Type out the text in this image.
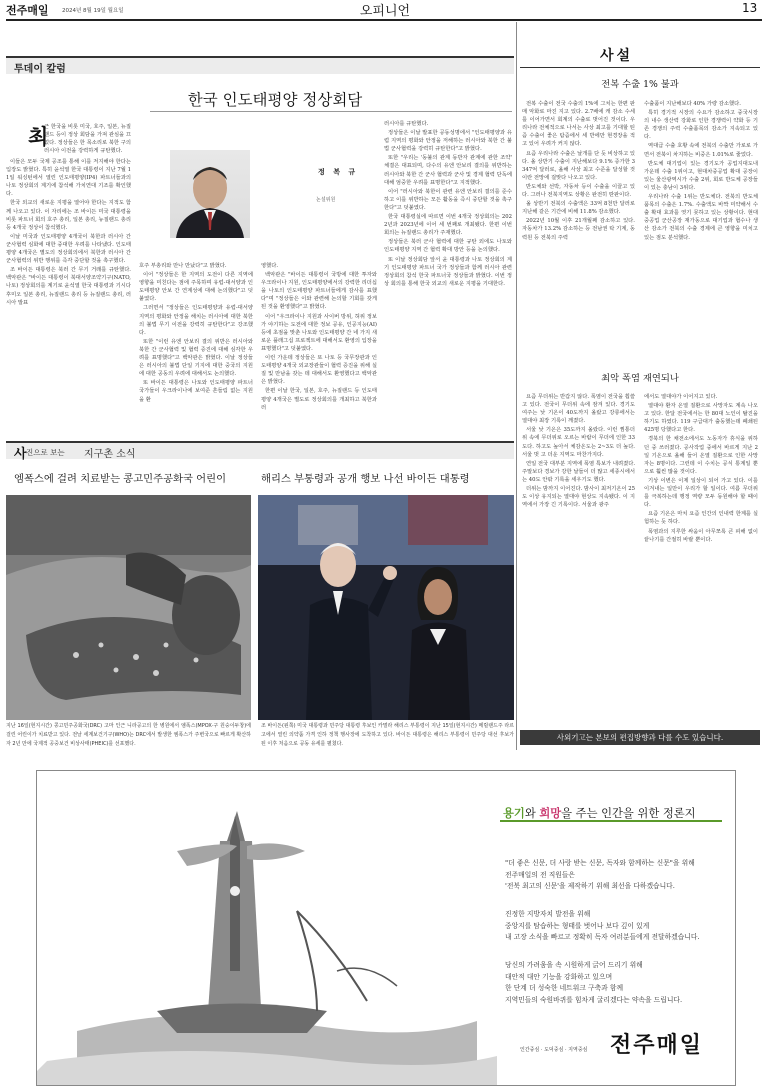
전주매일 2024년 8월 19일 월요일	오피니언	13
투데이 칼럼
한국 인도태평양 정상회담
최

근 한국을 비롯 미국, 호주, 일본, 뉴질랜드 등이 정상 회담을 가져 관심을 끄었다. 정상들은 한 목소리로 북한 구의 러시아 이전을 강력하게 규탄했다.

이들은 모두 국제 공조를 통해 이를 저지해야 한다는 입장도 밝혔다. 특히 윤석열 한국 대통령이 지난 7월 11일 워싱턴에서 열린 인도태평양(IP4) 파트너들과의 나토 정상회의 계기에 참석해 가치연대 기조를 확인했다.

한국 외교의 새로운 지평을 열어야 한다는 지적도 함께 나오고 있다. 이 자리에는 조 바이든 미국 대통령을 비롯 파트너 회의 호주 총리, 일본 총리, 뉴질랜드 총리 등 4개국 정상이 참석했다.

이날 미국과 인도태평양 4개국이 북한과 러시아 간 군사협력 심화에 대한 중대한 우려를 나타냈다. 인도태평양 4개국은 별도의 정상회의에서 북한과 러시아 간 군사협력의 위반 행위를 즉각 중단할 것을 촉구했다.

조 바이든 대통령은 북러 간 무기 거래를 규탄했다. 백악관은 "바이든 대통령이 북대서양조약기구(NATO, 나토) 정상회의를 계기로 윤석열 한국 대통령과 기시다 후미오 일본 총리, 뉴질랜드 총리 등 뉴질랜드 총리, 러시아 발표

정 복 규
논설위원

호주 부총리와 만나 만났다"고 밝혔다.

이어 "정상들은 한 지역의 도전이 다른 지역에 영향을 미친다는 점에 주목하며 유럽-대서양과 인도태평양 안보 간 연계성에 대해 논의했다"고 덧붙였다.

그러면서 "정상들은 인도태평양과 유럽-대서양 지역의 평화와 안정을 해치는 러시아에 대한 북한의 불법 무기 이전을 강력히 규탄한다"고 강조했다.

또한 "이런 유엔 안보리 결의 위반은 러시아와 북한 간 군사협력 및 협력 증진에 대해 심각한 우려를 표명했다"고 백악관은 밝혔다. 이날 정상들은 러시아의 불법 단일 기지에 대한 중국의 지원에 대한 공동의 우려에 대해서도 논의했다.

또 바이든 대통령은 나토와 인도태평양 파트너 국가들이 우크라이나에 보여준 흔들림 없는 지원을 환

영했다.

백악관은 "바이든 대통령이 국방에 대한 투자와 우크라이나 지원, 인도태평양에서의 강력한 리더십을 나토의 인도태평양 파트너들에게 감사를 표했다"며 "정상들은 이와 관련해 논의할 기회를 갖게 된 것을 환영했다"고 밝혔다.

이어 "우크라이나 지원과 사이버 방위, 허위 정보가 야기하는 도전에 대한 정보 공유, 인공지능(AI) 등에 초점을 맞춘 나토와 인도태평양 간 네 가지 새로운 플래그십 프로젝트에 대해서도 환영의 입장을 표명했다"고 덧붙였다.

이런 가운데 정상들은 또 나토 등 국무장관과 인도태평양 4개국 외교장관들이 협력 증진을 위해 실질 및 만남을 갖는 데 대해서도 환영했다고 백악관은 밝혔다.

한편 이날 한국, 일본, 호주, 뉴질랜드 등 인도태평양 4개국은 별도로 정상회의를 개최하고 북한과 러

러시아를 규탄했다.

정상들은 이날 발표한 공동성명에서 "인도태평양과 유럽 지역의 평화와 안정을 저해하는 러시아와 북한 간 불법 군사협력을 강력히 규탄한다"고 밝혔다.

또한 "우리는 '동불의 관계 동반자 관계에 관한 조약' 체결은 대표되며, 다수의 유엔 안보리 결의를 위반하는 러시아와 북한 간 군사 협력과 군사 및 경제 협력 단독에 대해 엄중한 우려를 표명한다"고 지적했다.

이어 "러시아와 북한이 관련 유엔 안보리 결의를 준수하고 이를 위반하는 모든 활동을 즉시 중단할 것을 촉구한다"고 덧붙였다.

한국 대통령실에 따르면 이번 4개국 정상회의는 2022년과 2023년에 이어 세 번째로 개최됐다. 한편 이번 회의는 뉴질랜드 총리가 주재했다.

정상들은 북러 군사 협력에 대한 규탄 외에도 나토와 인도태평양 지역 간 협력 확대 방안 등을 논의했다.

또 이날 정상회담 앞서 윤 대통령과 나토 정상회의 계기 인도태평양 파트너 국가 정상들과 함께 러시아 관련 정상회의 참석 한국 파트너국 정상들과 밝혔다. 이번 정상 회의를 통해 한국 외교의 새로운 지평을 기대한다.

사 진으로 보는 지구촌 소식
엠폭스에 걸려 치료받는 콩고민주공화국 어린이	해리스 부통령과 공개 행보 나선 바이든 대통령
지난 16일(현지시간) 콩고민주공화국(DRC) 고마 인근 니라공고의 한 병원에서 엠폭스(MPOX·구 원숭이두창)에 걸린 어린이가 치료받고 있다. 전날 세계보건기구(WHO)는 DRC에서 발생한 엠폭스가 주변국으로 빠르게 확산하자 2년 만에 국제적 공중보건 비상사태(PHEIC)를 선포했다.
조 바이든(왼쪽) 미국 대통령과 민주당 대통령 후보인 카멀라 해리스 부통령이 지난 15일(현지시간) 메릴랜드주 라르고에서 열린 의약품 가격 인하 정책 행사장에 도착하고 있다. 바이든 대통령은 해리스 부통령이 민주당 대선 후보가 된 이후 처음으로 공동 유세를 펼쳤다.
사설
전복 수출 1% 불과

전복 수출이 전국 수출의 1%에 그치는 한편 판매 악화로 마진 지고 있다. 2.7배에 캐 감소 수세를 이어가면서 회계의 수출로 벗어진 것이다. 우리나라 전체적으로 나서는 사상 최고를 기대할 틴즘 수출이 좋은 탐즘에서 세 반에만 현경장을 적고 있어 우려가 커지 않다.

요즘 우리나라 수출은 날개를 단 듯 비상하고 있다. 올 상반기 수출이 지난해보다 9.1% 증가한 3347억 달러로, 올해 사상 최고 수준을 달성할 것이란 전망에 걸맞다 나오고 있다.

반도체와 선박, 자동차 등이 수출을 이끌고 있다. 그러나 전북지역도 상황은 완전히 딴판이다.

올 상반기 전북의 수출액은 33억 8천만 달러로 지난해 같은 기간에 비해 11.8% 감소했다.

2022년 10월 이후 21개월째 감소하고 있다. 자동차가 13.2% 감소하는 등 전남권 탁 기계, 동력원 등 전북의 주력

수출품이 지난해보다 40% 가량 감소했다.

특히 경기적 시장의 수요가 감소하고 중국시장의 내수 생산력 강화로 인한 경쟁력이 약화 등 기존 경쟁의 주력 수출품목의 감소가 지속되고 있다.

역대급 수출 호황 속에 전북의 수출만 가로로 가면서 전북이 차지하는 비중은 1.01%로 줄었다.

반도체 대기업이 있는 경기도가 공업지대도내 가운데 수출 1위이고, 현대차중공업 확대 공장이 있는 울산광역시가 수출 2위, 회로 반도체 공장들이 있는 충남이 3위다.

우리나라 수출 1위는 반도체다. 전북의 반도체 품목의 수출은 1.7%. 수출액도 바짝 미약해서 수출 확대 효과를 엿기 못하고 있는 상황이다. 현대중공업 군산공장 재가동으로 대기업과 협수나 생산 감소가 전북의 수출 경제에 큰 영향을 미치고 있는 점도 분석했다.

최악 폭염 재연되나

요즘 무더위는 반갑지 않다. 폭염이 전국을 휩쓸고 있다. 전국이 무더위 속에 잠겨 있다. 경기도 여주는 낮 기온이 40도까지 올랐고 강릉에서는 열대야 최장 기록이 깨졌다.

서울 낮 기온은 35도까지 올랐다. 이런 찜통더위 속에 무더위로 오르는 바람이 무더에 인한 33도다. 하고도 높아서 체감온도는 2~3도 더 높다. 서울 벗 고 더운 지역도 마찬가지다.

연일 전국 대부분 지역에 폭염 특보가 내려졌다. 주말보다 경보가 강한 날들이 더 많고 세종시에서는 40도 안팎 기록을 세우기도 했다.

더위는 밤까지 이어진다. 밤사이 최저기온이 25도 이상 유지되는 열대야 현상도 지속됐다. 이 지역에서 가장 긴 기록이다. 서울과 광주

에서도 열대야가 이어지고 있다.

열대야 환자 온열 질환으로 사망자도 계속 나오고 있다. 한달 전국에서는 한 80대 노인이 탈진을 하기도 하였다. 119 구급대가 출동했는데 폐쇄된 425명 당했다고 한다.

경북의 한 채전소에서도 노동자가 휴식을 위하던 중 쓰러졌다. 공사작업 중에서 바르게 지난 2일 기온으로 올해 들어 온열 질환으로 인한 사망자는 8명이다. 그런데 이 수치는 공식 통계일 뿐으로 훨씬 많을 것이다.

기상 이변은 이제 일상이 되어 가고 있다. 이를 이겨내는 일만이 우리가 할 일이다. 여름 무더위를 극복하는데 행정 역량 모두 동원해야 할 때이다.

요즘 기온은 마치 요즘 인간의 인내력 한계를 실험하는 듯 하다.

폭염과의 지루한 싸움이 아무쪼록 큰 피해 없이 끝나기를 간절히 바랄 뿐이다.

사외기고는 본보의 편집방향과 다를 수도 있습니다.
용기와 희망을 주는 인간을 위한 정론지
"더 좋은 신문, 더 사랑 받는 신문, 독자와 함께하는 신문"을 위해
전주매일의 전 직원들은
'전북 최고의 신문'을 제작하기 위해 최선을 다하겠습니다.
진정한 지방자치 발전을 위해
중앙지를 탐습하는 형태를 벗어나 보다 깊이 있게
내 고장 소식을 빠르고 정확히 독자 여러분들에게 전달하겠습니다.
당신의 가려움을 속 시원하게 긁어 드리기 위해
대안적 대안 기능을 강화하고 있으며
한 단계 더 성숙한 네트워크 구축과 함께
지역민들의 숙원바퀴를 힘차게 굴리겠다는 약속을 드립니다.
인간중심 · 도덕중심 · 지역중심 전주매일
